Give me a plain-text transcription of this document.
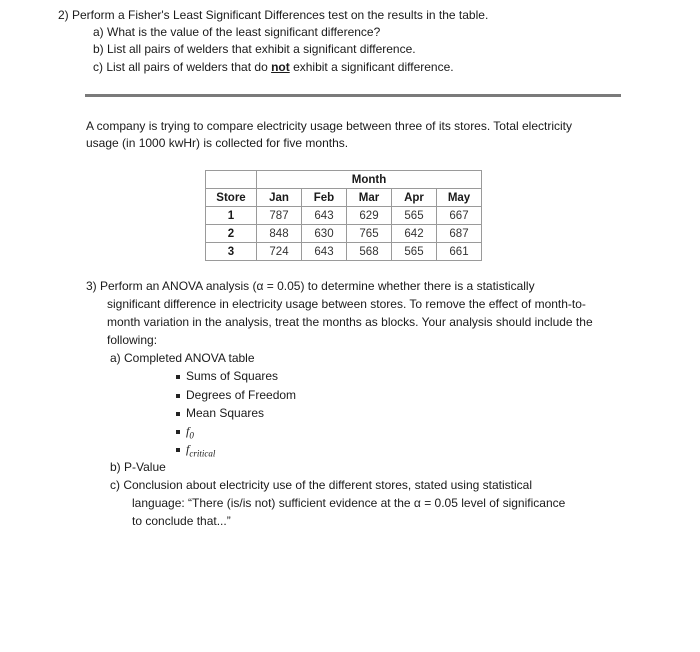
2) Perform a Fisher's Least Significant Differences test on the results in the table.
a) What is the value of the least significant difference?
b) List all pairs of welders that exhibit a significant difference.
c) List all pairs of welders that do not exhibit a significant difference.
A company is trying to compare electricity usage between three of its stores. Total electricity
usage (in 1000 kwHr) is collected for five months.
	Month				
Store	Jan	Feb	Mar	Apr	May
1	787	643	629	565	667
2	848	630	765	642	687
3	724	643	568	565	661
3) Perform an ANOVA analysis (α = 0.05) to determine whether there is a statistically
significant difference in electricity usage between stores. To remove the effect of month-to-
month variation in the analysis, treat the months as blocks. Your analysis should include the
following:
a) Completed ANOVA table
Sums of Squares
Degrees of Freedom
Mean Squares
$f_0$
$f_{critical}$
b) P-Value
c) Conclusion about electricity use of the different stores, stated using statistical
language: “There (is/is not) sufficient evidence at the α = 0.05 level of significance
to conclude that...”
